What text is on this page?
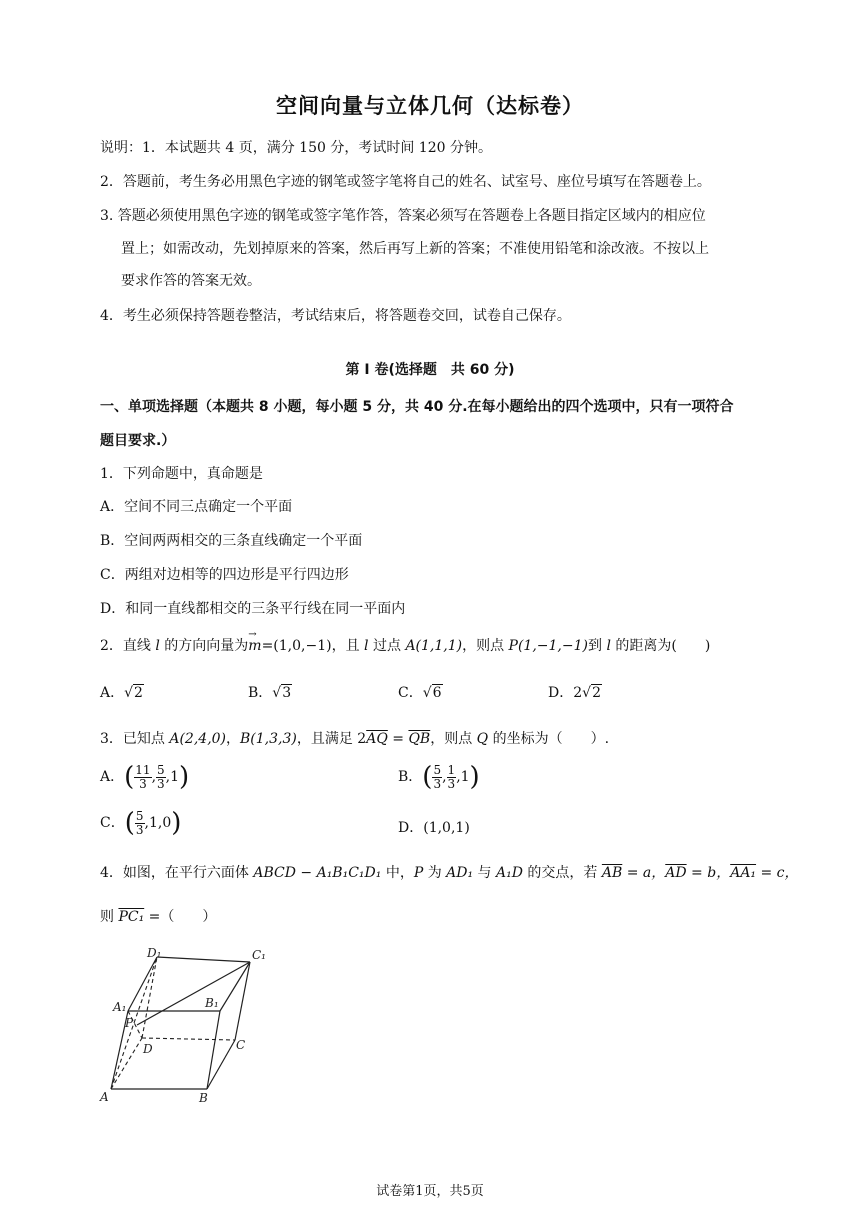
空间向量与立体几何（达标卷）
说明：1．本试题共 4 页，满分 150 分，考试时间 120 分钟。
2．答题前，考生务必用黑色字迹的钢笔或签字笔将自己的姓名、试室号、座位号填写在答题卷上。
3. 答题必须使用黑色字迹的钢笔或签字笔作答，答案必须写在答题卷上各题目指定区域内的相应位
置上；如需改动，先划掉原来的答案，然后再写上新的答案；不准使用铅笔和涂改液。不按以上
要求作答的答案无效。
4．考生必须保持答题卷整洁，考试结束后，将答题卷交回，试卷自己保存。
第 I 卷(选择题　共 60 分)
一、单项选择题（本题共 8 小题，每小题 5 分，共 40 分.在每小题给出的四个选项中，只有一项符合
题目要求.）
1．下列命题中，真命题是
A．空间不同三点确定一个平面
B．空间两两相交的三条直线确定一个平面
C．两组对边相等的四边形是平行四边形
D．和同一直线都相交的三条平行线在同一平面内
2．直线 l 的方向向量为
→
m=(1,0,−1)，且 l 过点 A(1,1,1)，则点 P(1,−1,−1)到 l 的距离为(　　)
A．√2	B．√3	C．√6	D．2√2
3．已知点 A(2,4,0)，B(1,3,3)，且满足 $2\overline{AQ} = \overline{QB}$，则点 Q 的坐标为（　　）.
A．( $\frac{11}{3}$ , $\frac{5}{3} ,1$)	B．( $\frac{5}{3}$ , $\frac{1}{3} ,1$)
C．( $\frac{5}{3} ,1,0$)	D．(1,0,1)
4．如图，在平行六面体 ABCD − A₁B₁C₁D₁ 中，P 为 AD₁ 与 A₁D 的交点，若 $\overline{AB} = a$，$\overline{AD} = b$，AA₁ = c，
则 PC₁ =（　　）
D₁	C₁
A₁	B₁
P
D	C
A	B
试卷第1页，共5页
